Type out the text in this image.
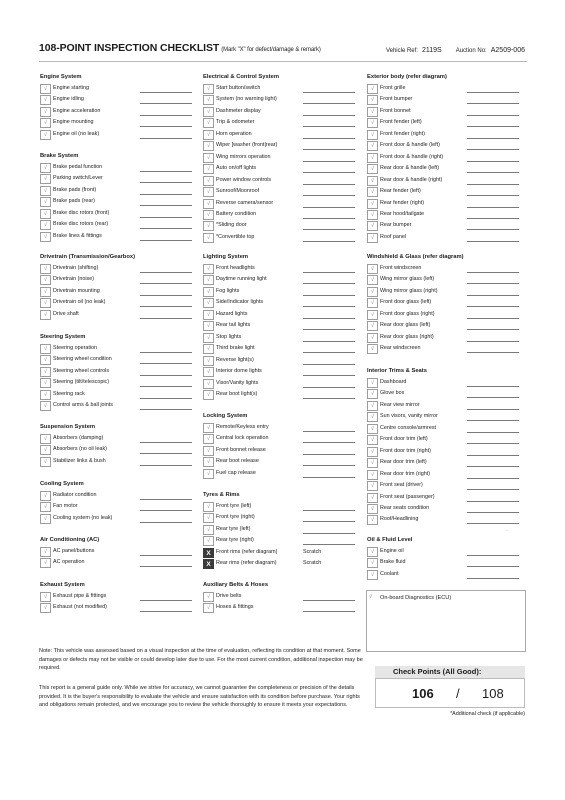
108-POINT INSPECTION CHECKLIST (Mark "X" for defect/damage & remark)	Vehicle Ref: 2119S Auction No: A2509-006
Engine System
√	Engine starting
√	Engine idling
√	Engine acceleration
√	Engine mounting
√	Engine oil (no leak)
Brake System
√	Brake pedal function
√	Parking switch/Lever
√	Brake pads (front)
√	Brake pads (rear)
√	Brake disc rotors (front)
√	Brake disc rotors (rear)
√	Brake lines & fittings
Drivetrain (Transmission/Gearbox)
√	Drivetrain (shifting)
√	Drivetrain (noise)
√	Drivetrain mounting
√	Drivetrain oil (no leak)
√	Drive shaft
Steering System
√	Steering operation
√	Steering wheel condition
√	Steering wheel controls
√	Steering (tilt/telescopic)
√	Steering rack
√	Control arms & ball joints
Suspension System
√	Absorbers (damping)
√	Absorbers (no oil leak)
√	Stabilizer links & bush
Cooling System
√	Radiator condition
√	Fan motor
√	Cooling system (no leak)
Air Conditioning (AC)
√	AC panel/buttons
√	AC operation
Exhaust System
√	Exhaust pipe & fittings
√	Exhaust (not modified)
Electrical & Control System
√	Start button/switch
√	System (no warning light)
√	Dashmeter display
√	Trip & odometer
√	Horn operation
√	Wiper [washer (front|rear)
√	Wing mirrors operation
√	Auto on/off lights
√	Power window controls
√	Sunroof/Moonroof
√	Reverse camera/sensor
√	Battery condition
√	*Sliding door
√	*Convertible top
Lighting System
√	Front headlights
√	Daytime running light
√	Fog lights
√	Side/Indicator lights
√	Hazard lights
√	Rear tail lights
√	Stop lights
√	Third brake light
√	Reverse light(s)
√	Interior dome lights
√	Visor/Vanity lights
√	Rear boot light(s)
Locking System
√	Remote/Keyless entry
√	Central lock operation
√	Front bonnet release
√	Rear boot release
√	Fuel cap release
Tyres & Rims
√	Front tyre (left)
√	Front tyre (right)
√	Rear tyre (left)
√	Rear tyre (right)
X Front rims (refer diagram)	Scratch
X Rear rims (refer diagram)	Scratch
Auxiliary Belts & Hoses
√	Drive belts
√	Hoses & fittings
Exterior body (refer diagram)
√	Front grille
√	Front bumper
√	Front bonnet
√	Front fender (left)
√	Front fender (right)
√	Front door & handle (left)
√	Front door & handle (right)
√	Rear door & handle (left)
√	Rear door & handle (right)
√	Rear fender (left)
√	Rear fender (right)
√	Rear hood/tailgate
√	Rear bumper
√	Roof panel
Windshield & Glass (refer diagram)
√	Front windscreen
√	Wing mirror glass (left)
√	Wing mirror glass (right)
√	Front door glass (left)
√	Front door glass (right)
√	Rear door glass (left)
√	Rear door glass (right)
√	Rear windscreen
Interior Trims & Seats
√	Dashboard
√	Glove box
√	Rear view mirror
√	Sun visors, vanity mirror
√	Centre console/armrest
√	Front door trim (left)
√	Front door trim (right)
√	Rear door trim (left)
√	Rear door trim (right)
√	Front seat (driver)
√	Front seat (passenger)
√	Rear seats condition
√	Roof/Headlining
Oil & Fluid Level
√	Engine oil
√	Brake fluid
√	Coolant
√ On-board Diagnostics (ECU)
·
Note: This vehicle was assessed based on a visual inspection at the time of evaluation, reflecting its condition at that moment. Some damages or defects may not be visible or could develop later due to use. For the most current condition, additional inspection may be required.
This report is a general guide only. While we strive for accuracy, we cannot guarantee the completeness or precision of the details provided. It is the buyer's responsibility to evaluate the vehicle and ensure satisfaction with its condition before purchase. Your rights and obligations remain protected, and we encourage you to review the vehicle thoroughly to ensure it meets your expectations.
Check Points (All Good):
106 / 108
*Additional check (if applicable)
